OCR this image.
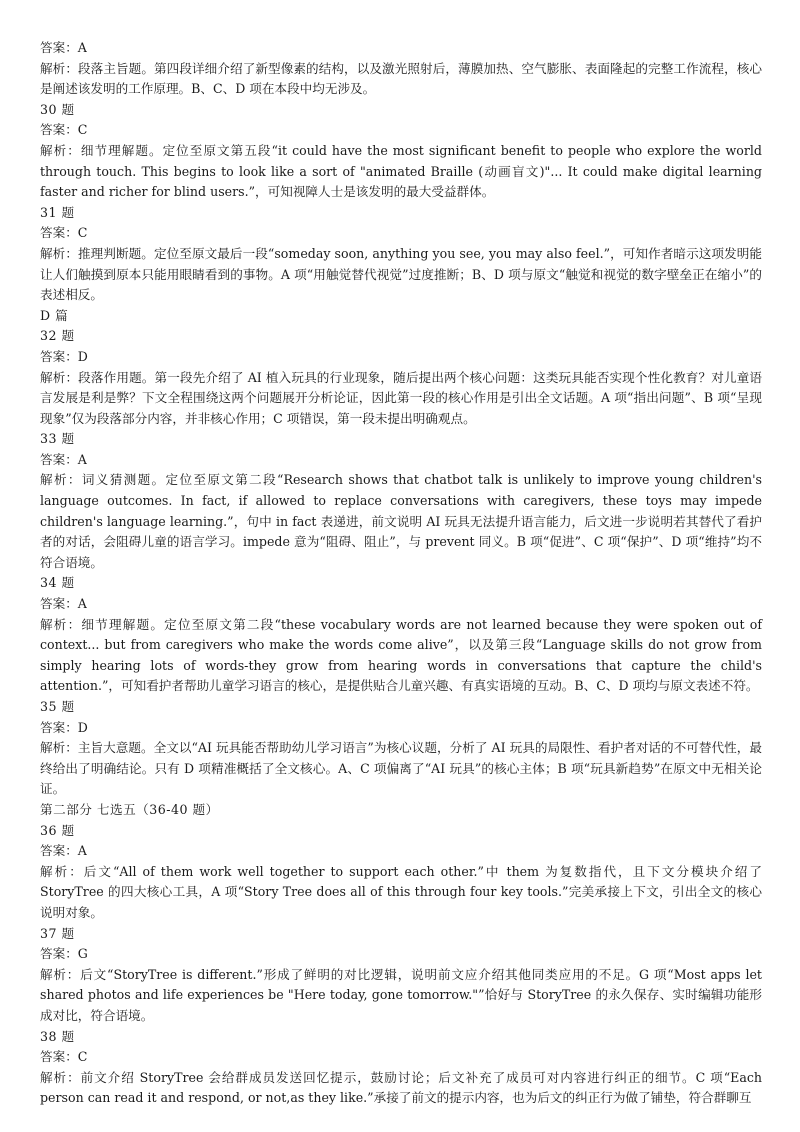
答案：A

解析：段落主旨题。第四段详细介绍了新型像素的结构，以及激光照射后，薄膜加热、空气膨胀、表面隆起的完整工作流程，核心是阐述该发明的工作原理。B、C、D 项在本段中均无涉及。

30 题

答案：C

解析：细节理解题。定位至原文第五段“it could have the most significant benefit to people who explore the world through touch. This begins to look like a sort of "animated Braille (动画盲文)"... It could make digital learning faster and richer for blind users.”，可知视障人士是该发明的最大受益群体。

31 题

答案：C

解析：推理判断题。定位至原文最后一段“someday soon, anything you see, you may also feel.”，可知作者暗示这项发明能让人们触摸到原本只能用眼睛看到的事物。A 项“用触觉替代视觉”过度推断；B、D 项与原文“触觉和视觉的数字壁垒正在缩小”的表述相反。

D 篇

32 题

答案：D

解析：段落作用题。第一段先介绍了 AI 植入玩具的行业现象，随后提出两个核心问题：这类玩具能否实现个性化教育？对儿童语言发展是利是弊？下文全程围绕这两个问题展开分析论证，因此第一段的核心作用是引出全文话题。A 项“指出问题”、B 项“呈现现象”仅为段落部分内容，并非核心作用；C 项错误，第一段未提出明确观点。

33 题

答案：A

解析：词义猜测题。定位至原文第二段“Research shows that chatbot talk is unlikely to improve young children's language outcomes. In fact, if allowed to replace conversations with caregivers, these toys may impede children's language learning.”，句中 in fact 表递进，前文说明 AI 玩具无法提升语言能力，后文进一步说明若其替代了看护者的对话，会阻碍儿童的语言学习。impede 意为“阻碍、阻止”，与 prevent 同义。B 项“促进”、C 项“保护”、D 项“维持”均不符合语境。

34 题

答案：A

解析：细节理解题。定位至原文第二段“these vocabulary words are not learned because they were spoken out of context... but from caregivers who make the words come alive”，以及第三段“Language skills do not grow from simply hearing lots of words-they grow from hearing words in conversations that capture the child's attention.”，可知看护者帮助儿童学习语言的核心，是提供贴合儿童兴趣、有真实语境的互动。B、C、D 项均与原文表述不符。

35 题

答案：D

解析：主旨大意题。全文以“AI 玩具能否帮助幼儿学习语言”为核心议题，分析了 AI 玩具的局限性、看护者对话的不可替代性，最终给出了明确结论。只有 D 项精准概括了全文核心。A、C 项偏离了“AI 玩具”的核心主体；B 项“玩具新趋势”在原文中无相关论证。

第二部分 七选五（36-40 题）

36 题

答案：A

解析：后文“All of them work well together to support each other.”中 them 为复数指代，且下文分模块介绍了 StoryTree 的四大核心工具，A 项“Story Tree does all of this through four key tools.”完美承接上下文，引出全文的核心说明对象。

37 题

答案：G

解析：后文“StoryTree is different.”形成了鲜明的对比逻辑，说明前文应介绍其他同类应用的不足。G 项“Most apps let shared photos and life experiences be "Here today, gone tomorrow."”恰好与 StoryTree 的永久保存、实时编辑功能形成对比，符合语境。

38 题

答案：C

解析：前文介绍 StoryTree 会给群成员发送回忆提示，鼓励讨论；后文补充了成员可对内容进行纠正的细节。C 项“Each person can read it and respond, or not,as they like.”承接了前文的提示内容，也为后文的纠正行为做了铺垫，符合群聊互
